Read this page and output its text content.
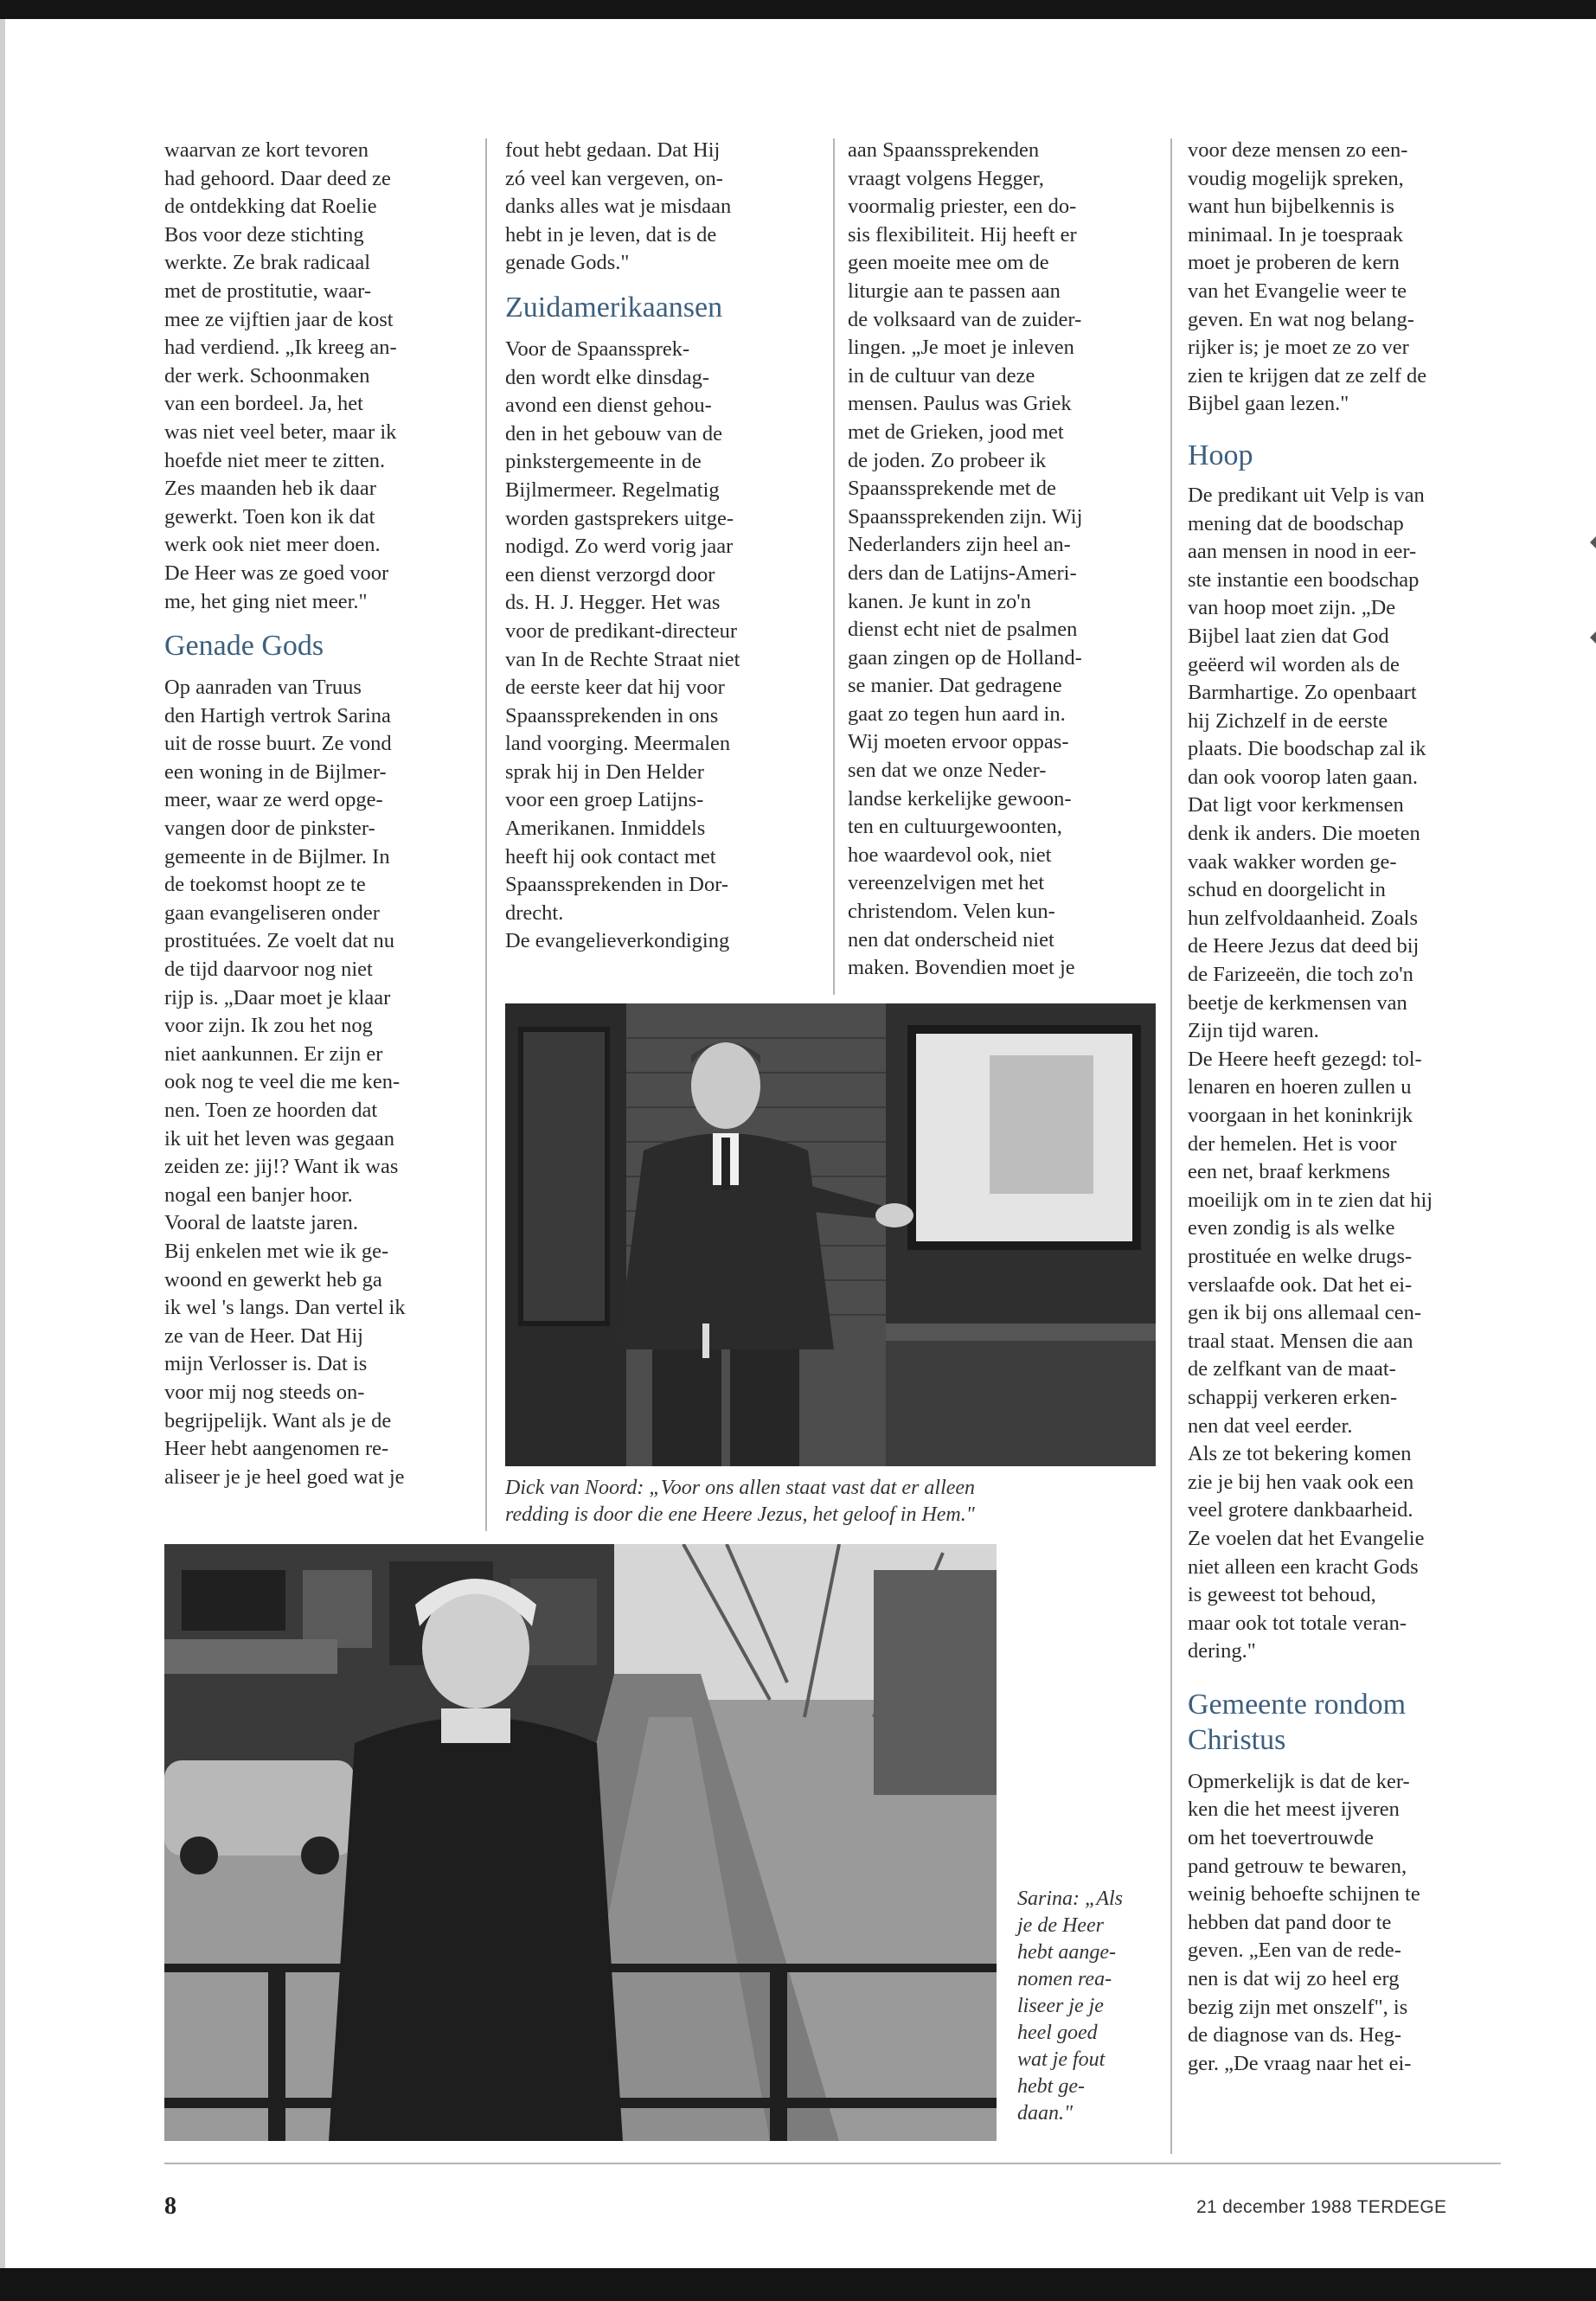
waarvan ze kort tevoren
had gehoord. Daar deed ze
de ontdekking dat Roelie
Bos voor deze stichting
werkte. Ze brak radicaal
met de prostitutie, waar-
mee ze vijftien jaar de kost
had verdiend. „Ik kreeg an-
der werk. Schoonmaken
van een bordeel. Ja, het
was niet veel beter, maar ik
hoefde niet meer te zitten.
Zes maanden heb ik daar
gewerkt. Toen kon ik dat
werk ook niet meer doen.
De Heer was ze goed voor
me, het ging niet meer."
Genade Gods
Op aanraden van Truus
den Hartigh vertrok Sarina
uit de rosse buurt. Ze vond
een woning in de Bijlmer-
meer, waar ze werd opge-
vangen door de pinkster-
gemeente in de Bijlmer. In
de toekomst hoopt ze te
gaan evangeliseren onder
prostituées. Ze voelt dat nu
de tijd daarvoor nog niet
rijp is. „Daar moet je klaar
voor zijn. Ik zou het nog
niet aankunnen. Er zijn er
ook nog te veel die me ken-
nen. Toen ze hoorden dat
ik uit het leven was gegaan
zeiden ze: jij!? Want ik was
nogal een banjer hoor.
Vooral de laatste jaren.
Bij enkelen met wie ik ge-
woond en gewerkt heb ga
ik wel 's langs. Dan vertel ik
ze van de Heer. Dat Hij
mijn Verlosser is. Dat is
voor mij nog steeds on-
begrijpelijk. Want als je de
Heer hebt aangenomen re-
aliseer je je heel goed wat je
fout hebt gedaan. Dat Hij
zó veel kan vergeven, on-
danks alles wat je misdaan
hebt in je leven, dat is de
genade Gods."
Zuidamerikaansen
Voor de Spaanssprek-
den wordt elke dinsdag-
avond een dienst gehou-
den in het gebouw van de
pinkstergemeente in de
Bijlmermeer. Regelmatig
worden gastsprekers uitge-
nodigd. Zo werd vorig jaar
een dienst verzorgd door
ds. H. J. Hegger. Het was
voor de predikant-directeur
van In de Rechte Straat niet
de eerste keer dat hij voor
Spaanssprekenden in ons
land voorging. Meermalen
sprak hij in Den Helder
voor een groep Latijns-
Amerikanen. Inmiddels
heeft hij ook contact met
Spaanssprekenden in Dor-
drecht.
De evangelieverkondiging
aan Spaanssprekenden
vraagt volgens Hegger,
voormalig priester, een do-
sis flexibiliteit. Hij heeft er
geen moeite mee om de
liturgie aan te passen aan
de volksaard van de zuider-
lingen. „Je moet je inleven
in de cultuur van deze
mensen. Paulus was Griek
met de Grieken, jood met
de joden. Zo probeer ik
Spaanssprekende met de
Spaanssprekenden zijn. Wij
Nederlanders zijn heel an-
ders dan de Latijns-Ameri-
kanen. Je kunt in zo'n
dienst echt niet de psalmen
gaan zingen op de Holland-
se manier. Dat gedragene
gaat zo tegen hun aard in.
Wij moeten ervoor oppas-
sen dat we onze Neder-
landse kerkelijke gewoon-
ten en cultuurgewoonten,
hoe waardevol ook, niet
vereenzelvigen met het
christendom. Velen kun-
nen dat onderscheid niet
maken. Bovendien moet je
voor deze mensen zo een-
voudig mogelijk spreken,
want hun bijbelkennis is
minimaal. In je toespraak
moet je proberen de kern
van het Evangelie weer te
geven. En wat nog belang-
rijker is; je moet ze zo ver
zien te krijgen dat ze zelf de
Bijbel gaan lezen."
Hoop
De predikant uit Velp is van
mening dat de boodschap
aan mensen in nood in eer-
ste instantie een boodschap
van hoop moet zijn. „De
Bijbel laat zien dat God
geëerd wil worden als de
Barmhartige. Zo openbaart
hij Zichzelf in de eerste
plaats. Die boodschap zal ik
dan ook voorop laten gaan.
Dat ligt voor kerkmensen
denk ik anders. Die moeten
vaak wakker worden ge-
schud en doorgelicht in
hun zelfvoldaanheid. Zoals
de Heere Jezus dat deed bij
de Farizeeën, die toch zo'n
beetje de kerkmensen van
Zijn tijd waren.
De Heere heeft gezegd: tol-
lenaren en hoeren zullen u
voorgaan in het koninkrijk
der hemelen. Het is voor
een net, braaf kerkmens
moeilijk om in te zien dat hij
even zondig is als welke
prostituée en welke drugs-
verslaafde ook. Dat het ei-
gen ik bij ons allemaal cen-
traal staat. Mensen die aan
de zelfkant van de maat-
schappij verkeren erken-
nen dat veel eerder.
Als ze tot bekering komen
zie je bij hen vaak ook een
veel grotere dankbaarheid.
Ze voelen dat het Evangelie
niet alleen een kracht Gods
is geweest tot behoud,
maar ook tot totale veran-
dering."
Gemeente rondom
Christus
Opmerkelijk is dat de ker-
ken die het meest ijveren
om het toevertrouwde
pand getrouw te bewaren,
weinig behoefte schijnen te
hebben dat pand door te
geven. „Een van de rede-
nen is dat wij zo heel erg
bezig zijn met onszelf", is
de diagnose van ds. Heg-
ger. „De vraag naar het ei-
Dick van Noord: „Voor ons allen staat vast dat er alleen
redding is door die ene Heere Jezus, het geloof in Hem."
Sarina: „Als
je de Heer
hebt aange-
nomen rea-
liseer je je
heel goed
wat je fout
hebt ge-
daan."
8	21 december 1988 TERDEGE
